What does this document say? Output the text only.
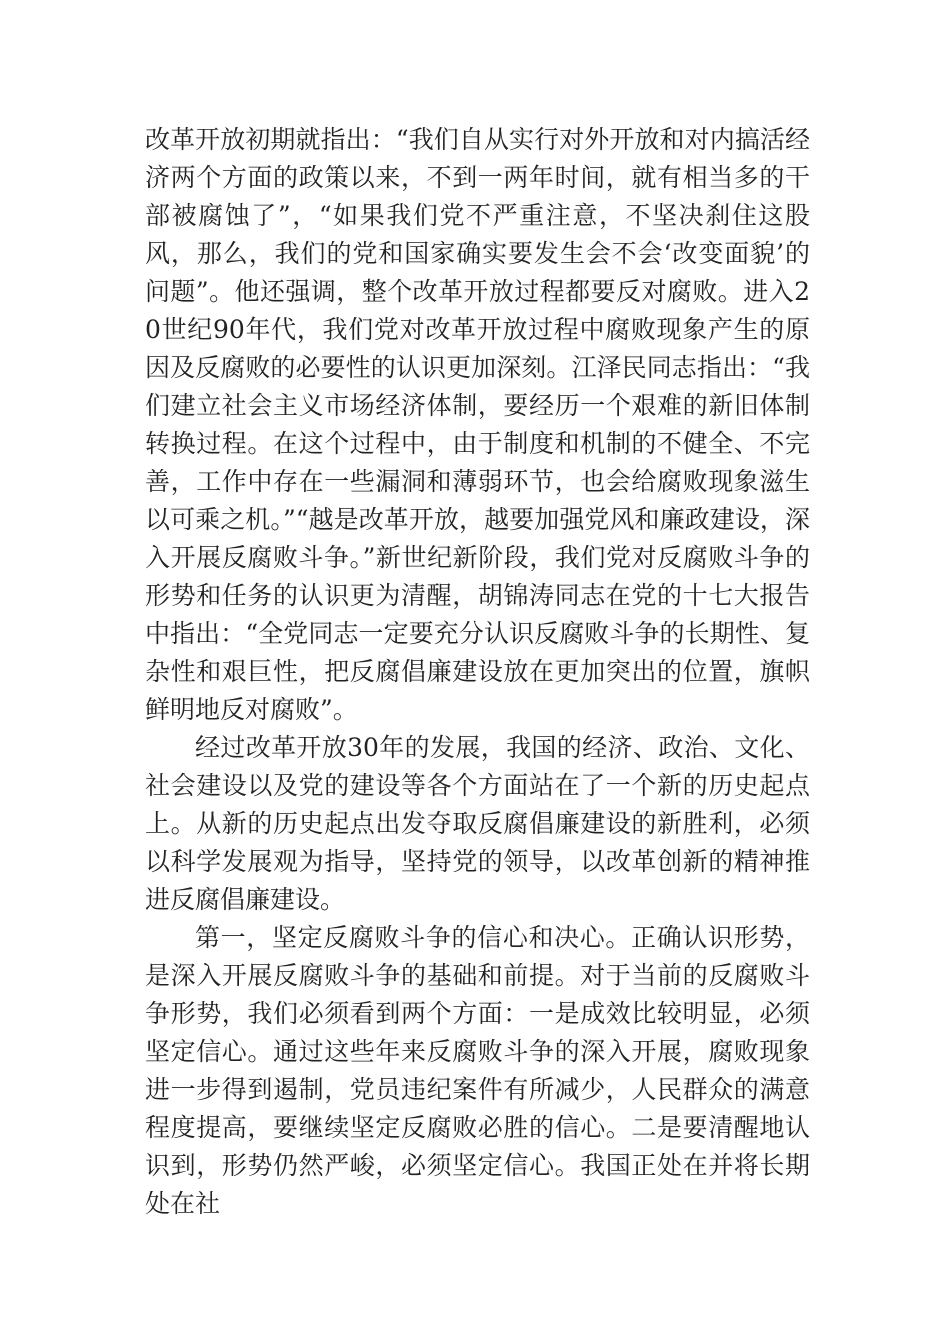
改革开放初期就指出：“我们自从实行对外开放和对内搞活经济两个方面的政策以来，不到一两年时间，就有相当多的干部被腐蚀了”，“如果我们党不严重注意，不坚决刹住这股风，那么，我们的党和国家确实要发生会不会‘改变面貌’的问题”。他还强调，整个改革开放过程都要反对腐败。进入20世纪90年代，我们党对改革开放过程中腐败现象产生的原因及反腐败的必要性的认识更加深刻。江泽民同志指出：“我们建立社会主义市场经济体制，要经历一个艰难的新旧体制转换过程。在这个过程中，由于制度和机制的不健全、不完善，工作中存在一些漏洞和薄弱环节，也会给腐败现象滋生以可乘之机。”“越是改革开放，越要加强党风和廉政建设，深入开展反腐败斗争。”新世纪新阶段，我们党对反腐败斗争的形势和任务的认识更为清醒，胡锦涛同志在党的十七大报告中指出：“全党同志一定要充分认识反腐败斗争的长期性、复杂性和艰巨性，把反腐倡廉建设放在更加突出的位置，旗帜鲜明地反对腐败”。

经过改革开放30年的发展，我国的经济、政治、文化、社会建设以及党的建设等各个方面站在了一个新的历史起点上。从新的历史起点出发夺取反腐倡廉建设的新胜利，必须以科学发展观为指导，坚持党的领导，以改革创新的精神推进反腐倡廉建设。

第一，坚定反腐败斗争的信心和决心。正确认识形势，是深入开展反腐败斗争的基础和前提。对于当前的反腐败斗争形势，我们必须看到两个方面：一是成效比较明显，必须坚定信心。通过这些年来反腐败斗争的深入开展，腐败现象进一步得到遏制，党员违纪案件有所减少，人民群众的满意程度提高，要继续坚定反腐败必胜的信心。二是要清醒地认识到，形势仍然严峻，必须坚定信心。我国正处在并将长期处在社
